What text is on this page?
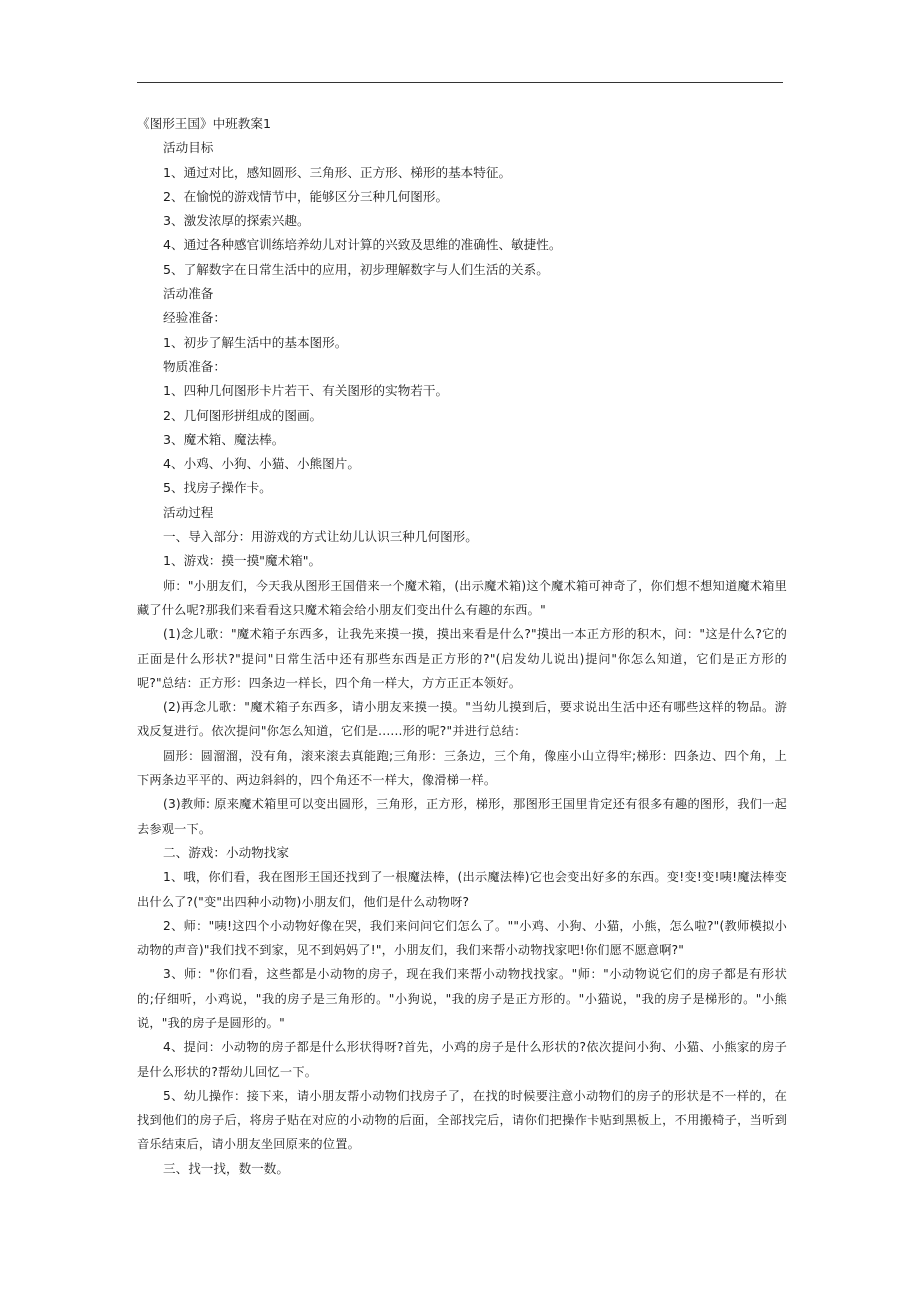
《图形王国》中班教案1

活动目标

1、通过对比，感知圆形、三角形、正方形、梯形的基本特征。

2、在愉悦的游戏情节中，能够区分三种几何图形。

3、激发浓厚的探索兴趣。

4、通过各种感官训练培养幼儿对计算的兴致及思维的准确性、敏捷性。

5、了解数字在日常生活中的应用，初步理解数字与人们生活的关系。

活动准备

经验准备：

1、初步了解生活中的基本图形。

物质准备：

1、四种几何图形卡片若干、有关图形的实物若干。

2、几何图形拼组成的图画。

3、魔术箱、魔法棒。

4、小鸡、小狗、小猫、小熊图片。

5、找房子操作卡。

活动过程

一、导入部分：用游戏的方式让幼儿认识三种几何图形。

1、游戏：摸一摸"魔术箱"。

师："小朋友们，今天我从图形王国借来一个魔术箱，(出示魔术箱)这个魔术箱可神奇了，你们想不想知道魔术箱里藏了什么呢?那我们来看看这只魔术箱会给小朋友们变出什么有趣的东西。"

(1)念儿歌："魔术箱子东西多，让我先来摸一摸，摸出来看是什么?"摸出一本正方形的积木，问："这是什么?它的正面是什么形状?"提问"日常生活中还有那些东西是正方形的?"(启发幼儿说出)提问"你怎么知道，它们是正方形的呢?"总结：正方形：四条边一样长，四个角一样大，方方正正本领好。

(2)再念儿歌："魔术箱子东西多，请小朋友来摸一摸。"当幼儿摸到后，要求说出生活中还有哪些这样的物品。游戏反复进行。依次提问"你怎么知道，它们是......形的呢?"并进行总结：

圆形：圆溜溜，没有角，滚来滚去真能跑;三角形：三条边，三个角，像座小山立得牢;梯形：四条边、四个角，上下两条边平平的、两边斜斜的，四个角还不一样大，像滑梯一样。

(3)教师: 原来魔术箱里可以变出圆形，三角形，正方形，梯形，那图形王国里肯定还有很多有趣的图形，我们一起去参观一下。

二、游戏：小动物找家

1、哦，你们看，我在图形王国还找到了一根魔法棒，(出示魔法棒)它也会变出好多的东西。变!变!变!咦!魔法棒变出什么了?("变"出四种小动物)小朋友们，他们是什么动物呀?

2、师："咦!这四个小动物好像在哭，我们来问问它们怎么了。""小鸡、小狗、小猫，小熊，怎么啦?"(教师模拟小动物的声音)"我们找不到家，见不到妈妈了!"，小朋友们，我们来帮小动物找家吧!你们愿不愿意啊?"

3、师："你们看，这些都是小动物的房子，现在我们来帮小动物找找家。"师："小动物说它们的房子都是有形状的;仔细听，小鸡说，"我的房子是三角形的。"小狗说，"我的房子是正方形的。"小猫说，"我的房子是梯形的。"小熊说，"我的房子是圆形的。"

4、提问：小动物的房子都是什么形状得呀?首先，小鸡的房子是什么形状的?依次提问小狗、小猫、小熊家的房子是什么形状的?帮幼儿回忆一下。

5、幼儿操作：接下来，请小朋友帮小动物们找房子了，在找的时候要注意小动物们的房子的形状是不一样的，在找到他们的房子后，将房子贴在对应的小动物的后面，全部找完后，请你们把操作卡贴到黑板上，不用搬椅子，当听到音乐结束后，请小朋友坐回原来的位置。

三、找一找，数一数。
